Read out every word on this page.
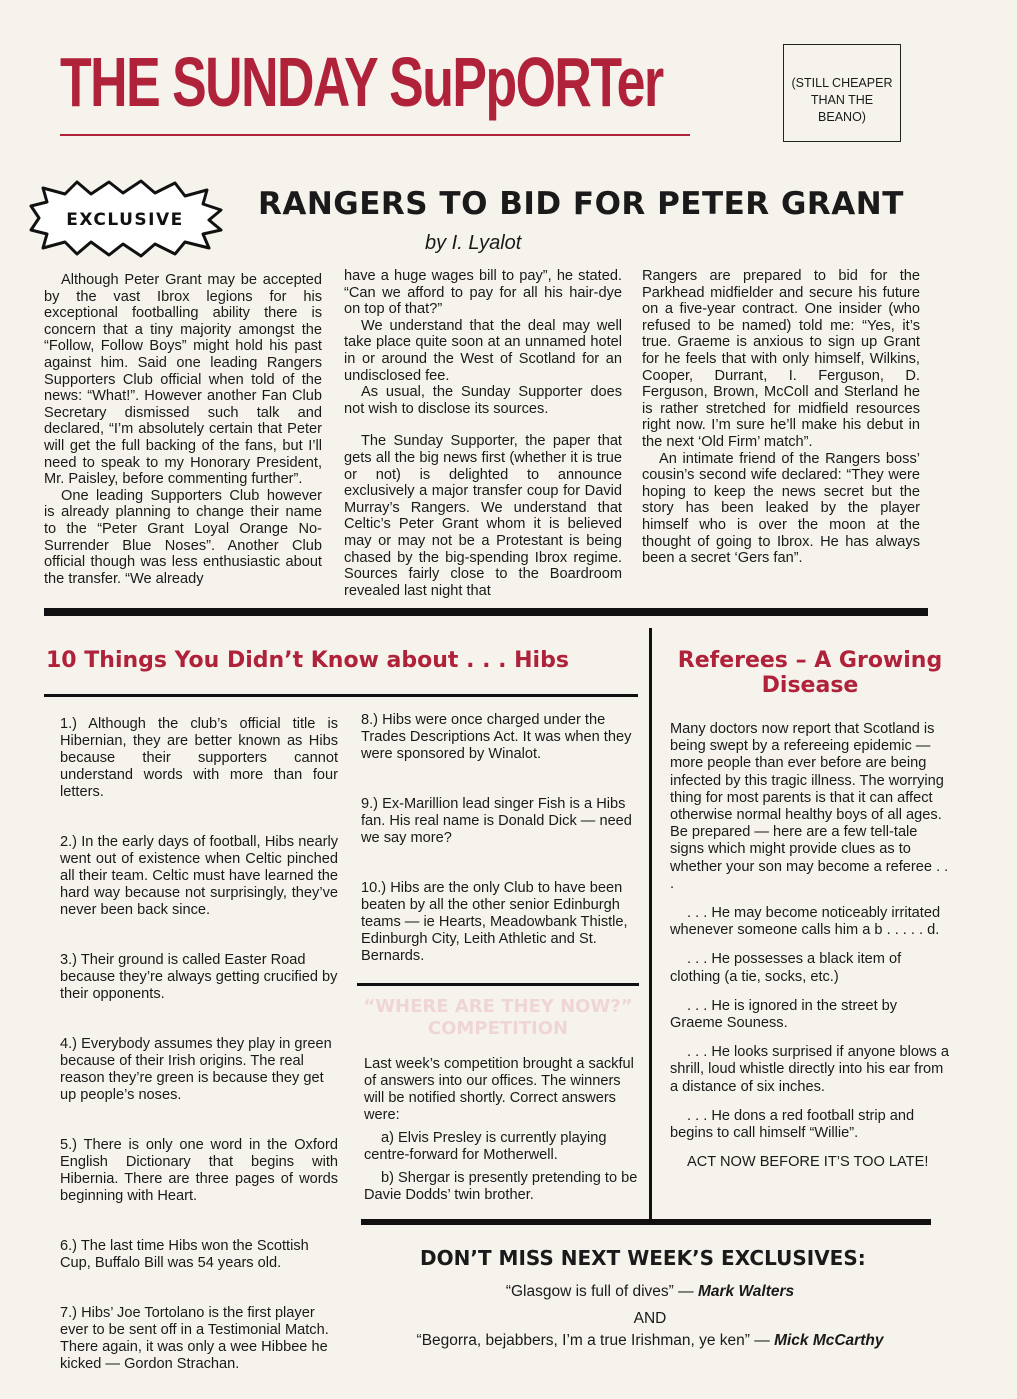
THE SUNDAY SuPpORTer	(STILL CHEAPER
THAN THE
BEANO)
EXCLUSIVE RANGERS TO BID FOR PETER GRANT
by I. Lyalot

Although Peter Grant may be accepted by the vast Ibrox legions for his exceptional footballing ability there is concern that a tiny majority amongst the “Follow, Follow Boys” might hold his past against him. Said one leading Rangers Supporters Club official when told of the news: “What!”. However another Fan Club Secretary dismissed such talk and declared, “I’m absolutely certain that Peter will get the full backing of the fans, but I’ll need to speak to my Honorary President, Mr. Paisley, before commenting further”.

One leading Supporters Club however is already planning to change their name to the “Peter Grant Loyal Orange No-Surrender Blue Noses”. Another Club official though was less enthusiastic about the transfer. “We already

have a huge wages bill to pay”, he stated. “Can we afford to pay for all his hair-dye on top of that?”

We understand that the deal may well take place quite soon at an unnamed hotel in or around the West of Scotland for an undisclosed fee.

As usual, the Sunday Supporter does not wish to disclose its sources.

The Sunday Supporter, the paper that gets all the big news first (whether it is true or not) is delighted to announce exclusively a major transfer coup for David Murray’s Rangers. We understand that Celtic’s Peter Grant whom it is believed may or may not be a Protestant is being chased by the big-spending Ibrox regime. Sources fairly close to the Boardroom revealed last night that

Rangers are prepared to bid for the Parkhead midfielder and secure his future on a five-year contract. One insider (who refused to be named) told me: “Yes, it’s true. Graeme is anxious to sign up Grant for he feels that with only himself, Wilkins, Cooper, Durrant, I. Ferguson, D. Ferguson, Brown, McColl and Sterland he is rather stretched for midfield resources right now. I’m sure he’ll make his debut in the next ‘Old Firm’ match”.

An intimate friend of the Rangers boss’ cousin’s second wife declared: “They were hoping to keep the news secret but the story has been leaked by the player himself who is over the moon at the thought of going to Ibrox. He has always been a secret ‘Gers fan”.

10 Things You Didn’t Know about . . . Hibs

1.) Although the club’s official title is Hibernian, they are better known as Hibs because their supporters cannot understand words with more than four letters.

2.) In the early days of football, Hibs nearly went out of existence when Celtic pinched all their team. Celtic must have learned the hard way because not surprisingly, they’ve never been back since.

3.) Their ground is called Easter Road because they’re always getting crucified by their opponents.

4.) Everybody assumes they play in green because of their Irish origins. The real reason they’re green is because they get up people’s noses.

5.) There is only one word in the Oxford English Dictionary that begins with Hibernia. There are three pages of words beginning with Heart.

6.) The last time Hibs won the Scottish Cup, Buffalo Bill was 54 years old.

7.) Hibs’ Joe Tortolano is the first player ever to be sent off in a Testimonial Match. There again, it was only a wee Hibbee he kicked — Gordon Strachan.

8.) Hibs were once charged under the Trades Descriptions Act. It was when they were sponsored by Winalot.

9.) Ex-Marillion lead singer Fish is a Hibs fan. His real name is Donald Dick — need we say more?

10.) Hibs are the only Club to have been beaten by all the other senior Edinburgh teams — ie Hearts, Meadowbank Thistle, Edinburgh City, Leith Athletic and St. Bernards.

“WHERE ARE THEY NOW?”
COMPETITION

Last week’s competition brought a sackful of answers into our offices. The winners will be notified shortly. Correct answers were:

a) Elvis Presley is currently playing centre-forward for Motherwell.

b) Shergar is presently pretending to be Davie Dodds’ twin brother.

Referees – A Growing
Disease

Many doctors now report that Scotland is being swept by a refereeing epidemic — more people than ever before are being infected by this tragic illness. The worrying thing for most parents is that it can affect otherwise normal healthy boys of all ages. Be prepared — here are a few tell-tale signs which might provide clues as to whether your son may become a referee . . .

. . . He may become noticeably irritated whenever someone calls him a b . . . . . d.

. . . He possesses a black item of clothing (a tie, socks, etc.)

. . . He is ignored in the street by Graeme Souness.

. . . He looks surprised if anyone blows a shrill, loud whistle directly into his ear from a distance of six inches.

. . . He dons a red football strip and begins to call himself “Willie”.

ACT NOW BEFORE IT’S TOO LATE!

DON’T MISS NEXT WEEK’S EXCLUSIVES:
“Glasgow is full of dives” — Mark Walters
AND
“Begorra, bejabbers, I’m a true Irishman, ye ken” — Mick McCarthy
